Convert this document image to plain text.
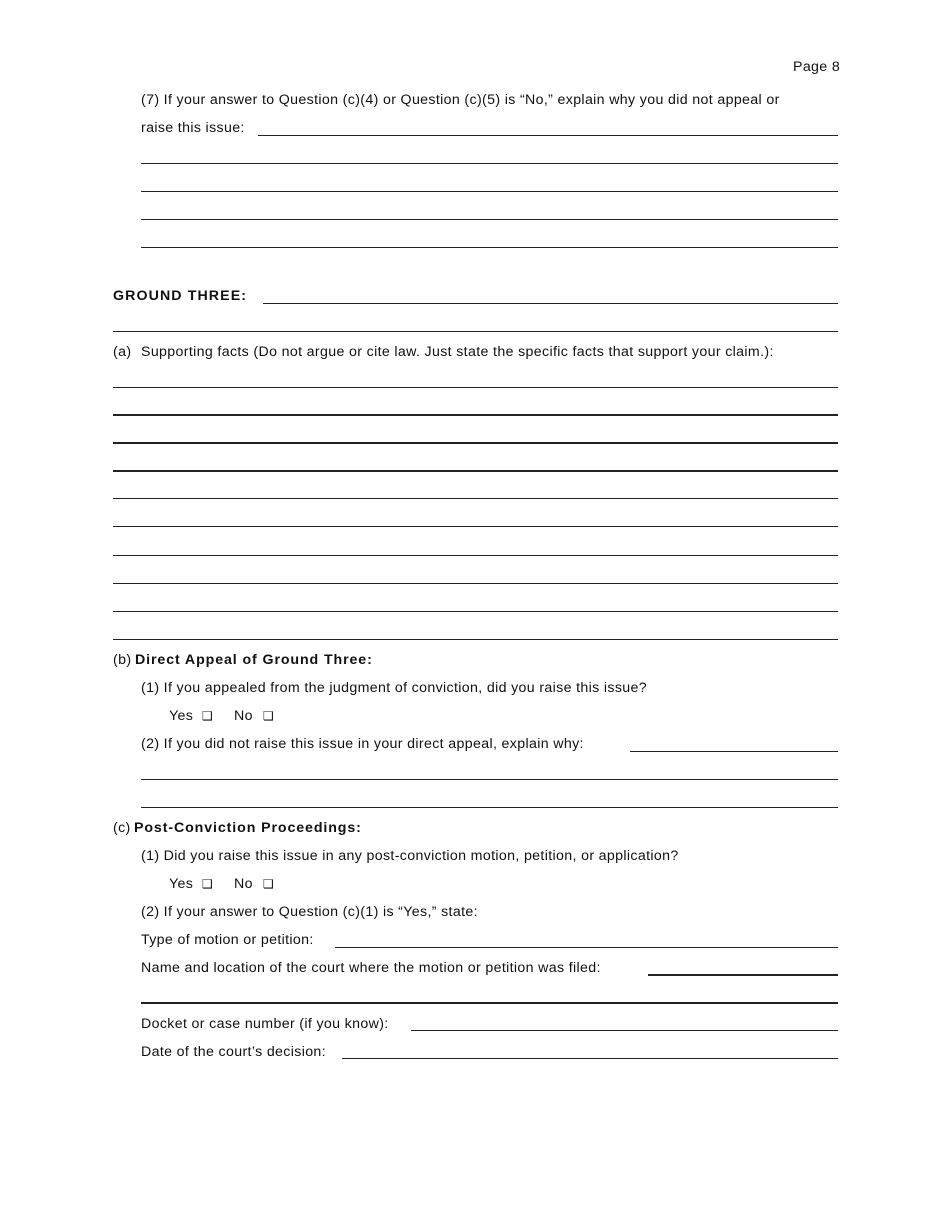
Page 8
(7) If your answer to Question (c)(4) or Question (c)(5) is “No,” explain why you did not appeal or
raise this issue:
GROUND THREE:
(a) Supporting facts (Do not argue or cite law. Just state the specific facts that support your claim.):
(b) Direct Appeal of Ground Three:
(1) If you appealed from the judgment of conviction, did you raise this issue?
Yes ❑ No ❑
(2) If you did not raise this issue in your direct appeal, explain why:
(c) Post-Conviction Proceedings:
(1) Did you raise this issue in any post-conviction motion, petition, or application?
Yes ❑ No ❑
(2) If your answer to Question (c)(1) is “Yes,” state:
Type of motion or petition:
Name and location of the court where the motion or petition was filed:
Docket or case number (if you know):
Date of the court’s decision:
